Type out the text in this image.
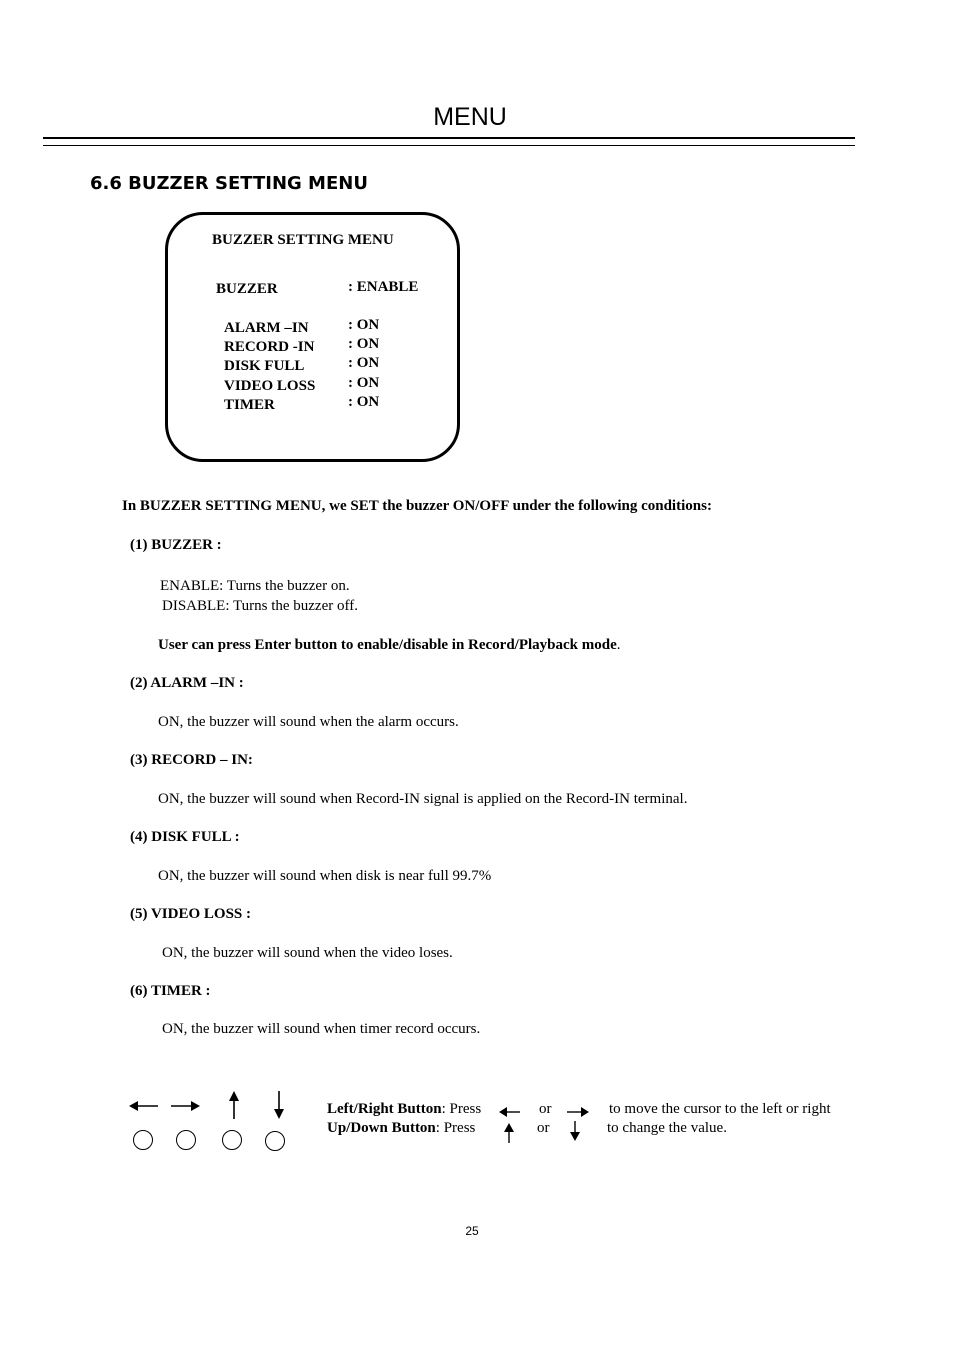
MENU
6.6 BUZZER SETTING MENU
BUZZER SETTING MENU
BUZZER	: ENABLE
ALARM –IN	: ON
RECORD -IN : ON
DISK FULL	: ON
VIDEO LOSS : ON
TIMER	: ON
In BUZZER SETTING MENU, we SET the buzzer ON/OFF under the following conditions:
(1) BUZZER :
ENABLE: Turns the buzzer on.
DISABLE: Turns the buzzer off.
User can press Enter button to enable/disable in Record/Playback mode.
(2) ALARM –IN :
ON, the buzzer will sound when the alarm occurs.
(3) RECORD – IN:
ON, the buzzer will sound when Record-IN signal is applied on the Record-IN terminal.
(4) DISK FULL :
ON, the buzzer will sound when disk is near full 99.7%
(5) VIDEO LOSS :
ON, the buzzer will sound when the video loses.
(6) TIMER :
ON, the buzzer will sound when timer record occurs.
Left/Right Button: Press	or	to move the cursor to the left or right
Up/Down Button: Press	or	to change the value.
25
